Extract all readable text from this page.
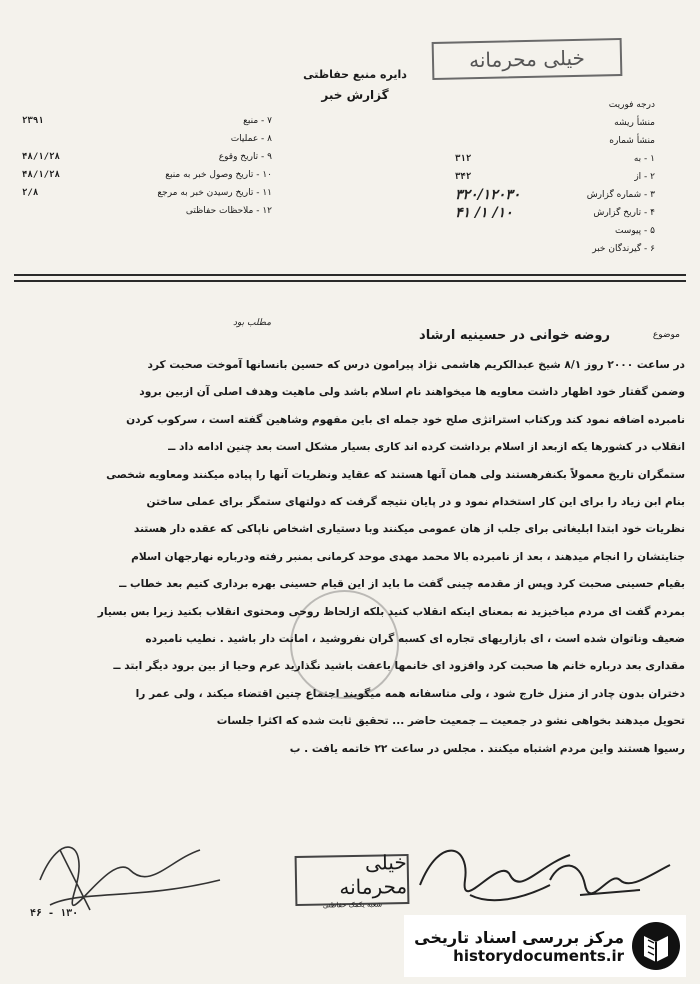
خیلی محرمانه
دایره منبع حفاظتی
گزارش خبر
درجه فوریت
منشأ ریشه
منشأ شماره
۱ - به
۳۱۲
۲ - از
۳۴۲
۳ - شماره گزارش
۳۲۰/۱۲۰۳۰
۴ - تاریخ گزارش
۱۰/ ۱/ ۴۱
۵ - پیوست
۶ - گیرندگان خبر
۷ - منبع
۲۳۹۱
۸ - عملیات
۹ - تاریخ وقوع
۴۸/۱/۲۸
۱۰ - تاریخ وصول خبر به منبع
۴۸/۱/۲۸
۱۱ - تاریخ رسیدن خبر به مرجع
۲/۸
۱۲ - ملاحظات حفاظتی
مطلب بود
موضوع
روضه خوانی در حسینیه ارشاد

در ساعت ۲۰۰۰ روز ۸/۱ شیخ عبدالکریم هاشمی نژاد پیرامون درس که حسین بانسانها آموخت صحبت کرد

وضمن گفتار خود اظهار داشت معاویه ها میخواهند نام اسلام باشد ولی ماهیت وهدف اصلی آن ازبین برود

نامبرده اضافه نمود کند ورکتاب استراتژی صلح خود جمله ای باین مفهوم وشاهین گفته است ، سرکوب کردن

انقلاب در کشورها یکه ازبعد از اسلام برداشت کرده اند کاری بسیار مشکل است بعد چنین ادامه داد ــ

ستمگران تاریخ معمولاً بکنفرهستند ولی همان آنها هستند که عقاید ونظریات آنها را پیاده میکنند ومعاویه شخصی

بنام ابن زیاد را برای این کار استخدام نمود و در پایان نتیجه گرفت که دولتهای ستمگر برای عملی ساختن

نظریات خود ابتدا ابلیغاتی برای جلب از هان عمومی میکنند وبا دستیاری اشخاص ناپاکی که عقده دار هستند

جنایتشان را انجام میدهند ، بعد از نامبرده بالا محمد مهدی موحد کرمانی بمنبر رفته ودرباره نهارجهان اسلام

بقیام حسینی صحبت کرد وپس از مقدمه چینی گفت ما باید از این قیام حسینی بهره برداری کنیم بعد خطاب ــ

بمردم گفت ای مردم میاخیزید نه بمعنای اینکه انقلاب کنید بلکه ازلحاظ روحی ومحتوی انقلاب بکنید زیرا بس بسیار

ضعیف وناتوان شده است ، ای بازاریهای تجاره ای کسبه گران نفروشید ، امانت دار باشید . نطیب نامبرده

مقداری بعد درباره خانم ها صحبت کرد وافزود ای خانمها باعفت باشید نگذارید عرم وحیا از بین برود دیگر ابتد ــ

دختران بدون چادر از منزل خارج شود ، ولی متاسفانه همه میگویند اجتماع چنین اقتضاء میکند ، ولی عمر را

تحویل میدهند بخواهی نشو در جمعیت ــ جمعیت حاضر ... تحقیق ثابت شده که اکثرا جلسات

رسیوا هستند واین مردم اشتباه میکنند . مجلس در ساعت ۲۲ خاتمه یافت . ب

خیلی محرمانه
شعبه یکمک حفاظتی
۴۶ - ۱۳۰
مرکز بررسی اسناد تاریخی
historydocuments.ir
